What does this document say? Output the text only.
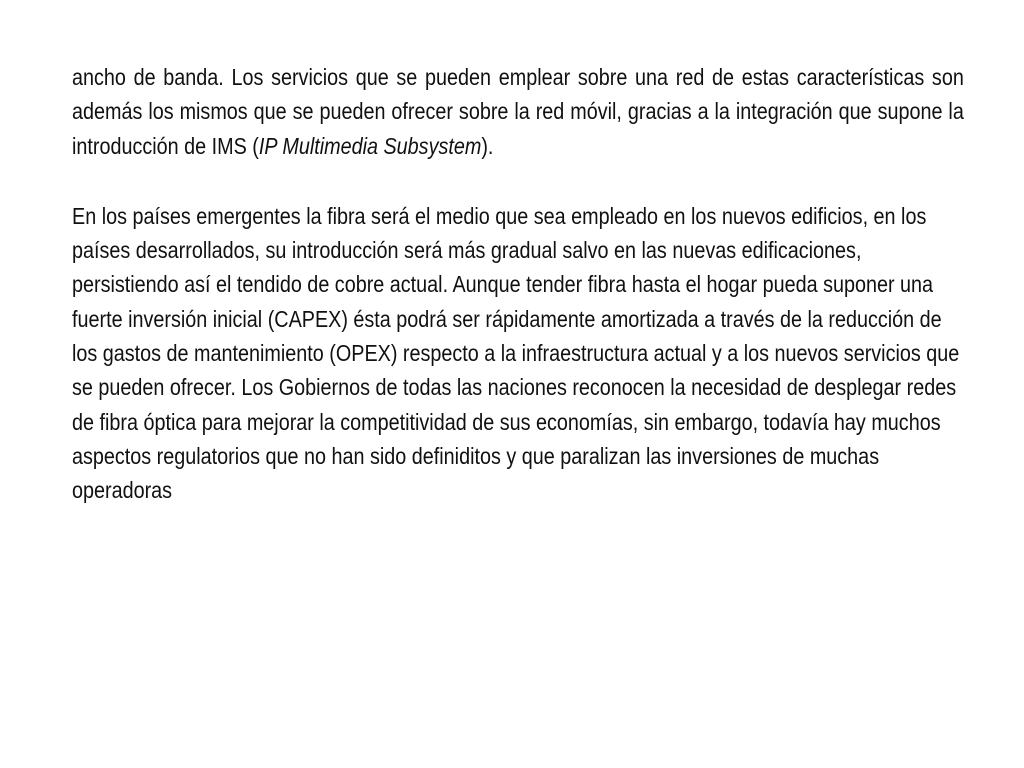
ancho de banda. Los servicios que se pueden emplear sobre una red de estas características son además los mismos que se pueden ofrecer sobre la red móvil, gracias a la integración que supone la introducción de IMS (IP Multimedia Subsystem).

En los países emergentes la fibra será el medio que sea empleado en los nuevos edificios, en los países desarrollados, su introducción será más gradual salvo en las nuevas edificaciones, persistiendo así el tendido de cobre actual. Aunque tender fibra hasta el hogar pueda suponer una fuerte inversión inicial (CAPEX) ésta podrá ser rápidamente amortizada a través de la reducción de los gastos de mantenimiento (OPEX) respecto a la infraestructura actual y a los nuevos servicios que se pueden ofrecer. Los Gobiernos de todas las naciones reconocen la necesidad de desplegar redes de fibra óptica para mejorar la competitividad de sus economías, sin embargo, todavía hay muchos aspectos regulatorios que no han sido definiditos y que paralizan las inversiones de muchas operadoras
